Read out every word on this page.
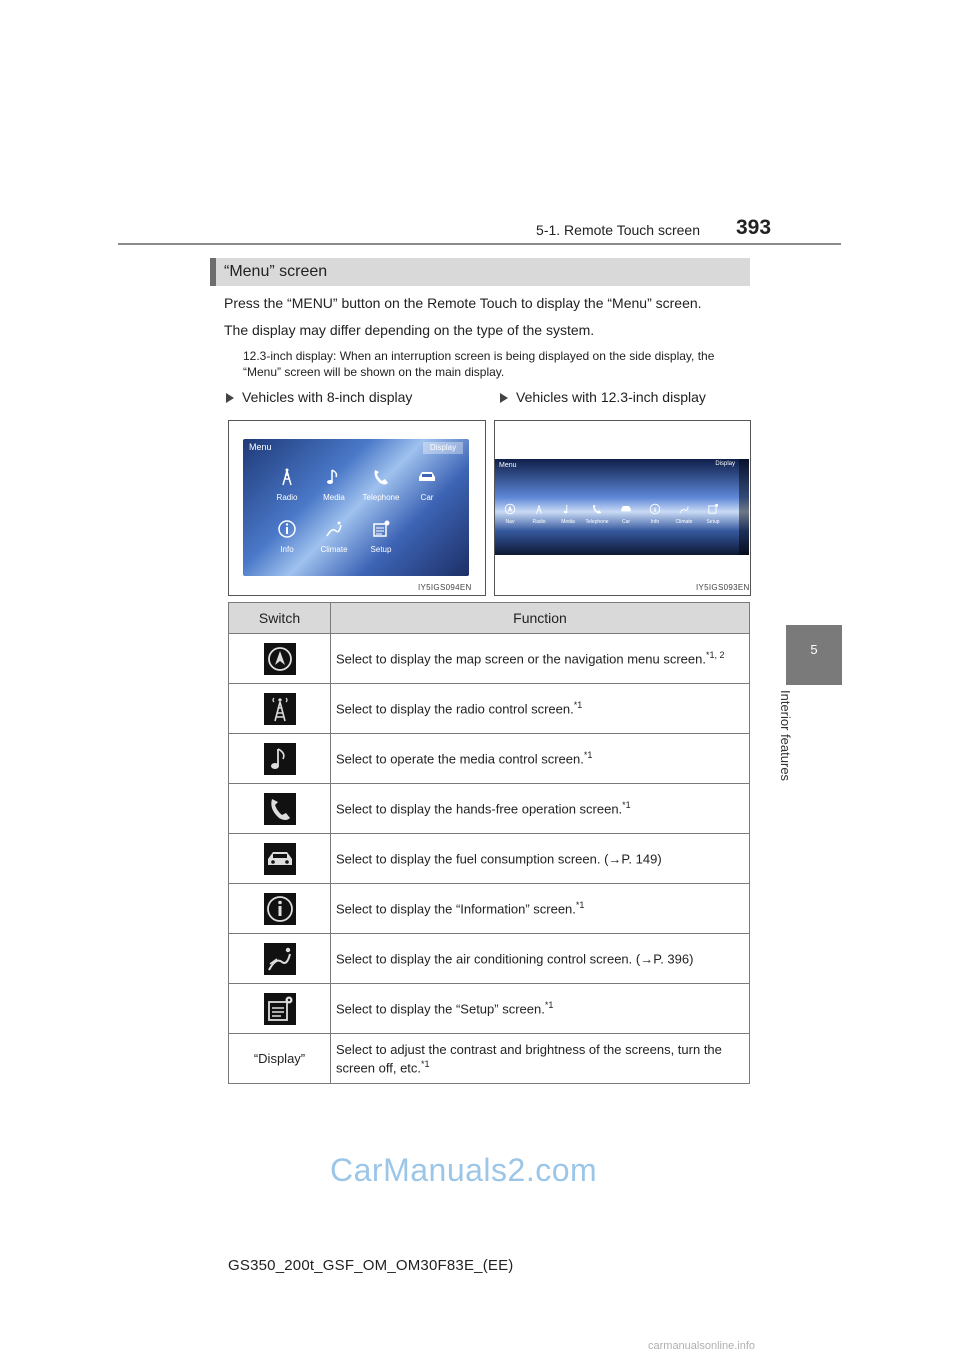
5-1. Remote Touch screen 393
5
Interior features
“Menu” screen
Press the “MENU” button on the Remote Touch to display the “Menu” screen.
The display may differ depending on the type of the system.
12.3-inch display: When an interruption screen is being displayed on the side display, the “Menu” screen will be shown on the main display.
Vehicles with 8-inch display	Vehicles with 12.3-inch display
Menu	Display
Radio	Media	Telephone	Car
Info	Climate	Setup
IY5IGS094EN
Menu	Display
Nav	Radio	Media	Telephone	Car	Info	Climate	Setup
IY5IGS093EN
Switch	Function

	Select to display the map screen or the navigation menu screen.$^{*1, 2}$

	Select to display the radio control screen.$^{*1}$

	Select to operate the media control screen.$^{*1}$

	Select to display the hands-free operation screen.$^{*1}$

	Select to display the fuel consumption screen. (→P. 149)

	Select to display the “Information” screen.$^{*1}$

	Select to display the air conditioning control screen. (→P. 396)

	Select to display the “Setup” screen.$^{*1}$
“Display”	Select to adjust the contrast and brightness of the screens, turn the screen off, etc.$^{*1}$
CarManuals2.com
GS350_200t_GSF_OM_OM30F83E_(EE)
carmanualsonline.info
